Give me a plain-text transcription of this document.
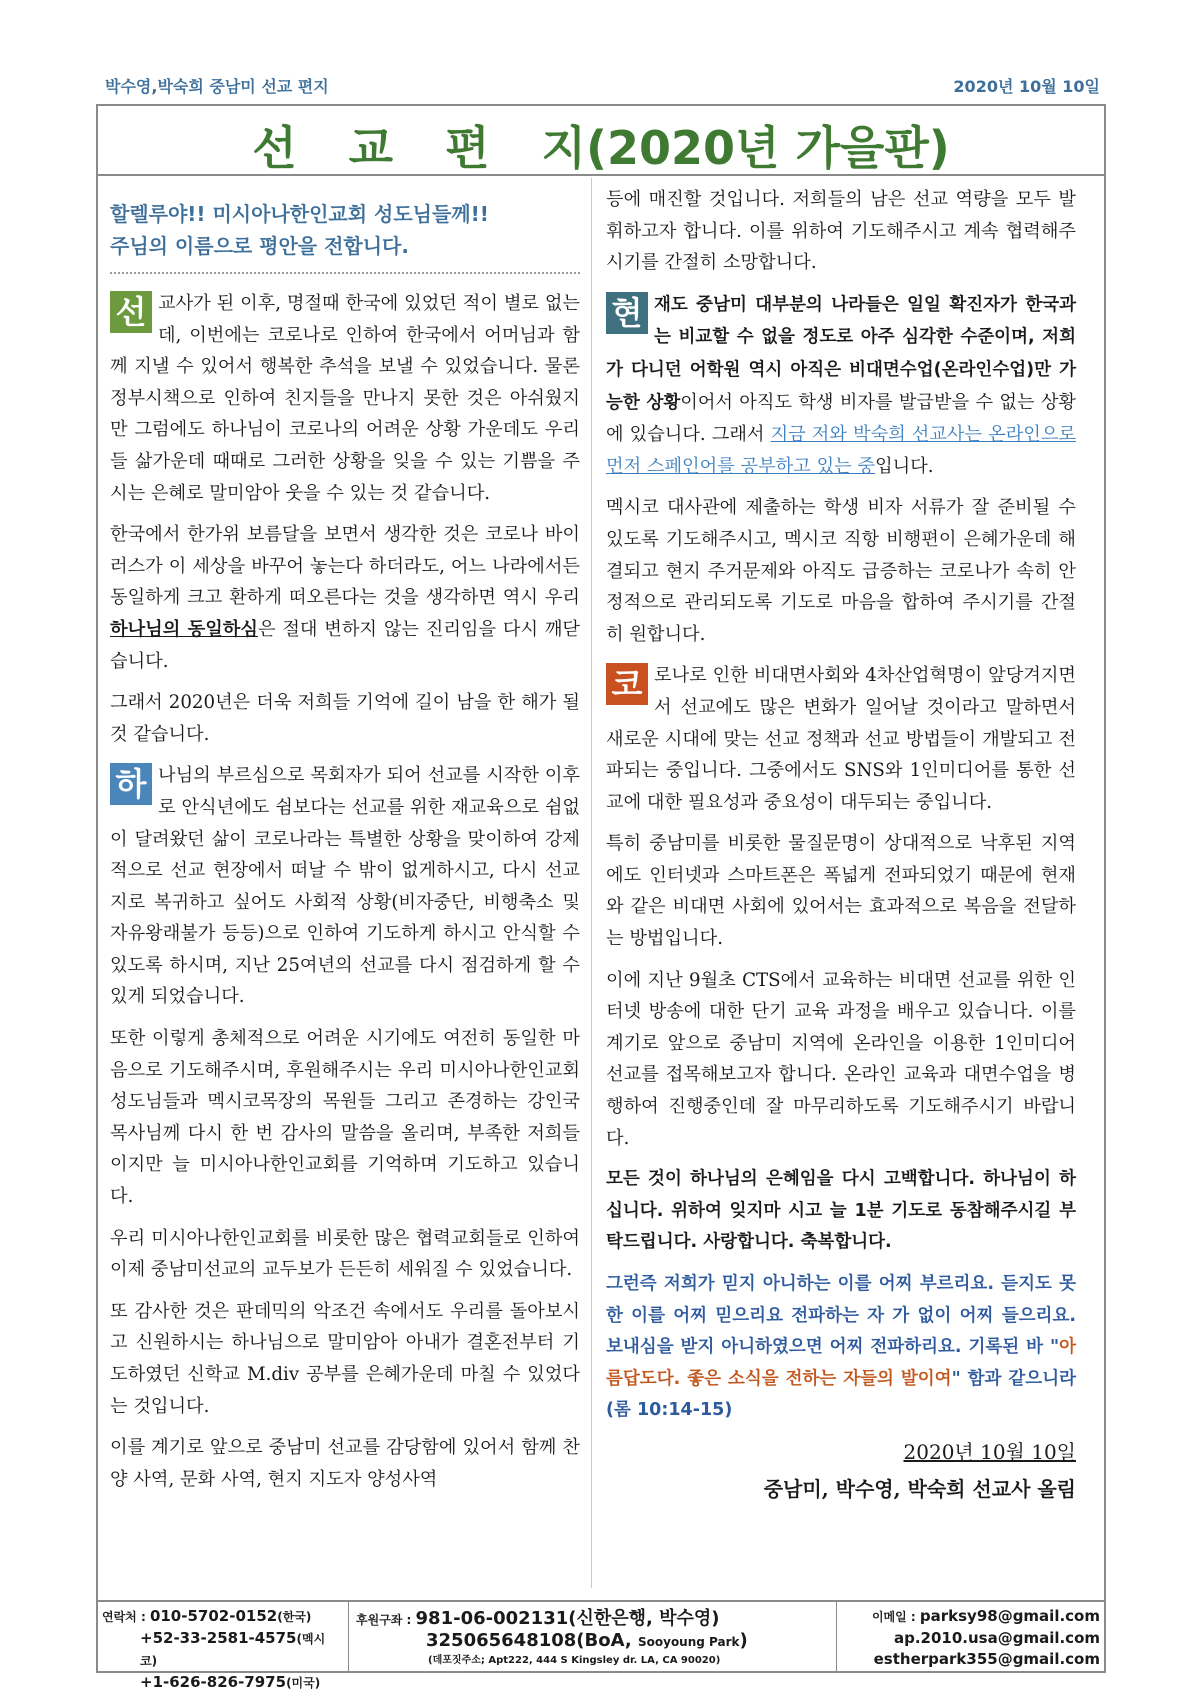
박수영,박숙희 중남미 선교 편지	2020년 10월 10일
선교편지(2020년 가을판)
할렐루야!! 미시아나한인교회 성도님들께!!
주님의 이름으로 평안을 전합니다.

선 교사가 된 이후, 명절때 한국에 있었던 적이 별로 없는데, 이번에는 코로나로 인하여 한국에서 어머님과 함께 지낼 수 있어서 행복한 추석을 보낼 수 있었습니다. 물론 정부시책으로 인하여 친지들을 만나지 못한 것은 아쉬웠지만 그럼에도 하나님이 코로나의 어려운 상황 가운데도 우리들 삶가운데 때때로 그러한 상황을 잊을 수 있는 기쁨을 주시는 은혜로 말미암아 웃을 수 있는 것 같습니다.

한국에서 한가위 보름달을 보면서 생각한 것은 코로나 바이러스가 이 세상을 바꾸어 놓는다 하더라도, 어느 나라에서든 동일하게 크고 환하게 떠오른다는 것을 생각하면 역시 우리 하나님의 동일하심은 절대 변하지 않는 진리임을 다시 깨닫습니다.

그래서 2020년은 더욱 저희들 기억에 길이 남을 한 해가 될 것 같습니다.

하 나님의 부르심으로 목회자가 되어 선교를 시작한 이후로 안식년에도 쉼보다는 선교를 위한 재교육으로 쉼없이 달려왔던 삶이 코로나라는 특별한 상황을 맞이하여 강제적으로 선교 현장에서 떠날 수 밖이 없게하시고, 다시 선교지로 복귀하고 싶어도 사회적 상황(비자중단, 비행축소 및 자유왕래불가 등등)으로 인하여 기도하게 하시고 안식할 수 있도록 하시며, 지난 25여년의 선교를 다시 점검하게 할 수 있게 되었습니다.

또한 이렇게 총체적으로 어려운 시기에도 여전히 동일한 마음으로 기도해주시며, 후원해주시는 우리 미시아나한인교회 성도님들과 멕시코목장의 목원들 그리고 존경하는 강인국 목사님께 다시 한 번 감사의 말씀을 올리며, 부족한 저희들이지만 늘 미시아나한인교회를 기억하며 기도하고 있습니다.

우리 미시아나한인교회를 비롯한 많은 협력교회들로 인하여 이제 중남미선교의 교두보가 든든히 세워질 수 있었습니다.

또 감사한 것은 판데믹의 악조건 속에서도 우리를 돌아보시고 신원하시는 하나님으로 말미암아 아내가 결혼전부터 기도하였던 신학교 M.div 공부를 은혜가운데 마칠 수 있었다는 것입니다.

이를 계기로 앞으로 중남미 선교를 감당함에 있어서 함께 찬양 사역, 문화 사역, 현지 지도자 양성사역

등에 매진할 것입니다. 저희들의 남은 선교 역량을 모두 발휘하고자 합니다. 이를 위하여 기도해주시고 계속 협력해주시기를 간절히 소망합니다.

현 재도 중남미 대부분의 나라들은 일일 확진자가 한국과는 비교할 수 없을 정도로 아주 심각한 수준이며, 저희가 다니던 어학원 역시 아직은 비대면수업(온라인수업)만 가능한 상황이어서 아직도 학생 비자를 발급받을 수 없는 상황에 있습니다. 그래서 지금 저와 박숙희 선교사는 온라인으로 먼저 스페인어를 공부하고 있는 중입니다.

멕시코 대사관에 제출하는 학생 비자 서류가 잘 준비될 수 있도록 기도해주시고, 멕시코 직항 비행편이 은혜가운데 해결되고 현지 주거문제와 아직도 급증하는 코로나가 속히 안정적으로 관리되도록 기도로 마음을 합하여 주시기를 간절히 원합니다.

코 로나로 인한 비대면사회와 4차산업혁명이 앞당겨지면서 선교에도 많은 변화가 일어날 것이라고 말하면서 새로운 시대에 맞는 선교 정책과 선교 방법들이 개발되고 전파되는 중입니다. 그중에서도 SNS와 1인미디어를 통한 선교에 대한 필요성과 중요성이 대두되는 중입니다.

특히 중남미를 비롯한 물질문명이 상대적으로 낙후된 지역에도 인터넷과 스마트폰은 폭넓게 전파되었기 때문에 현재와 같은 비대면 사회에 있어서는 효과적으로 복음을 전달하는 방법입니다.

이에 지난 9월초 CTS에서 교육하는 비대면 선교를 위한 인터넷 방송에 대한 단기 교육 과정을 배우고 있습니다. 이를 계기로 앞으로 중남미 지역에 온라인을 이용한 1인미디어 선교를 접목해보고자 합니다. 온라인 교육과 대면수업을 병행하여 진행중인데 잘 마무리하도록 기도해주시기 바랍니다.

모든 것이 하나님의 은혜임을 다시 고백합니다. 하나님이 하십니다. 위하여 잊지마 시고 늘 1분 기도로 동참해주시길 부탁드립니다. 사랑합니다. 축복합니다.

그런즉 저희가 믿지 아니하는 이를 어찌 부르리요. 듣지도 못한 이를 어찌 믿으리요 전파하는 자 가 없이 어찌 들으리요. 보내심을 받지 아니하였으면 어찌 전파하리요. 기록된 바 "아름답도다. 좋은 소식을 전하는 자들의 발이여" 함과 같으니라(롬 10:14-15)

2020년 10월 10일
중남미, 박수영, 박숙희 선교사 올림
연락처 : 010-5702-0152(한국)
+52-33-2581-4575(멕시코)
+1-626-826-7975(미국)
후원구좌 : 981-06-002131(신한은행, 박수영)
325065648108(BoA, Sooyoung Park)
(데포짓주소; Apt222, 444 S Kingsley dr. LA, CA 90020)
이메일 : parksy98@gmail.com
ap.2010.usa@gmail.com
estherpark355@gmail.com
